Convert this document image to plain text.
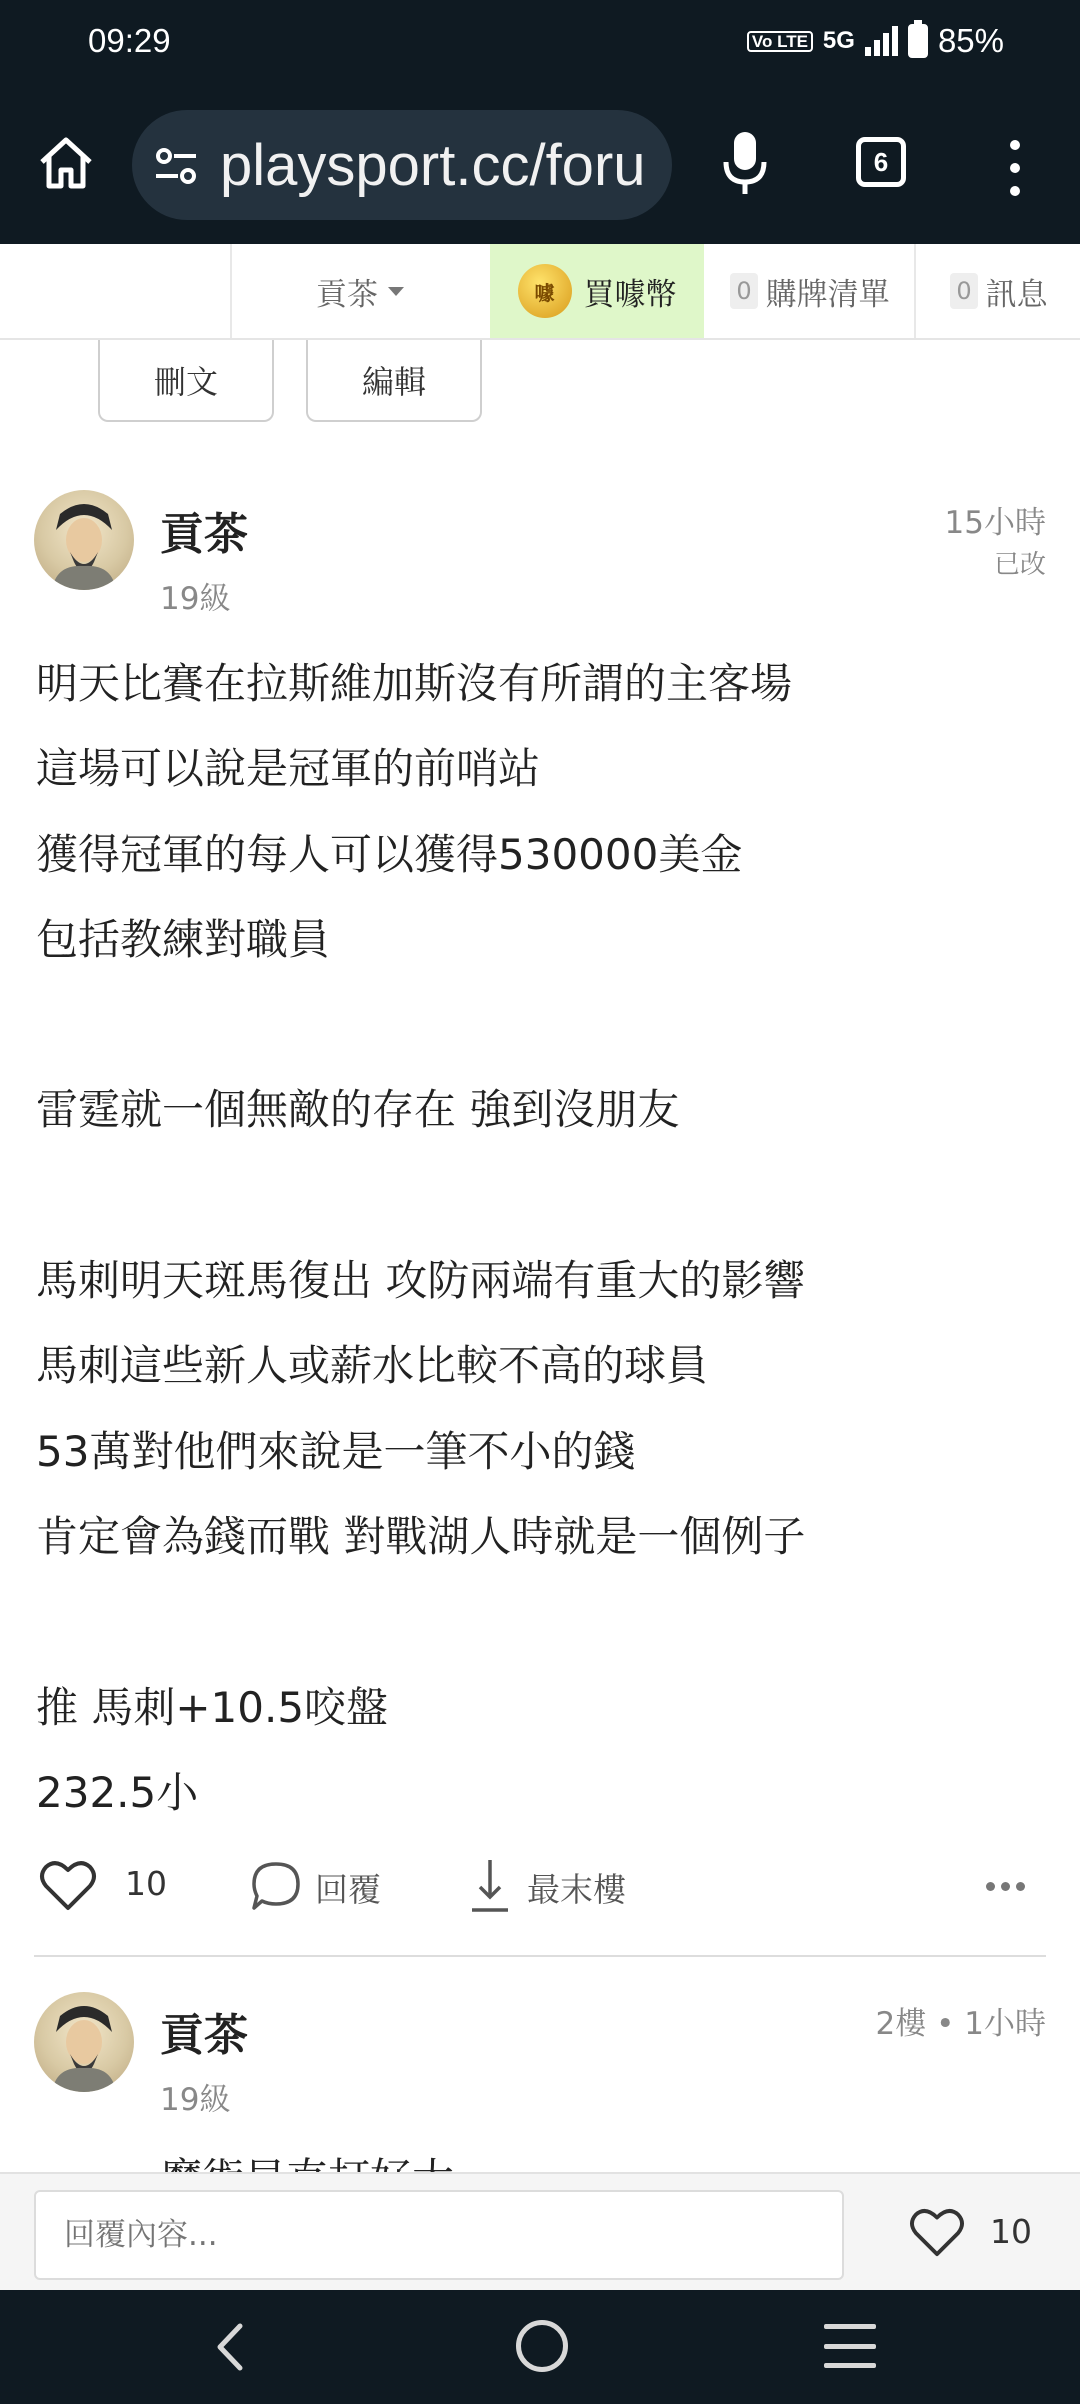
09:29	Vo LTE 5G	85%
playsport.cc/foru	6
貢茶	噱 買噱幣 0 購牌清單	0 訊息
刪文	編輯
貢茶
19級
15小時
已改
明天比賽在拉斯維加斯沒有所謂的主客場
這場可以說是冠軍的前哨站
獲得冠軍的每人可以獲得530000美金
包括教練對職員
雷霆就一個無敵的存在 強到沒朋友
馬刺明天斑馬復出 攻防兩端有重大的影響
馬刺這些新人或薪水比較不高的球員
53萬對他們來說是一筆不小的錢
肯定會為錢而戰 對戰湖人時就是一個例子
推 馬刺+10.5咬盤
232.5小
10	回覆	最末樓
貢茶
19級
2樓 • 1小時
回覆內容...
10
